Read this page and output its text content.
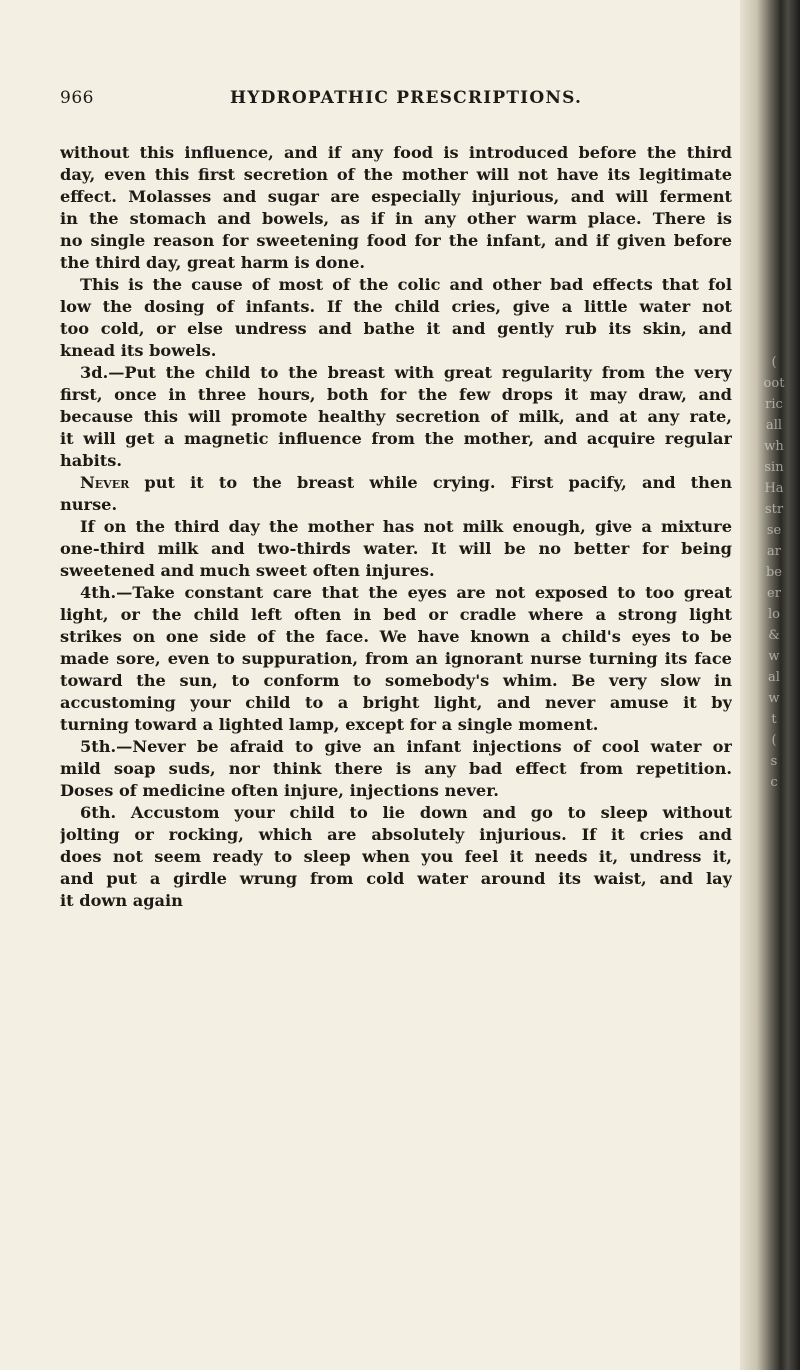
(
oot
ric
all
wh
sin
Ha
str
se
ar
be
er
lo
&
w
al
w
t
(
s
c
966	HYDROPATHIC PRESCRIPTIONS.
without this influence, and if any food is introduced before the third
day, even this first secretion of the mother will not have its legitimate
effect. Molasses and sugar are especially injurious, and will ferment
in the stomach and bowels, as if in any other warm place. There is
no single reason for sweetening food for the infant, and if given before
the third day, great harm is done.
This is the cause of most of the colic and other bad effects that fol
low the dosing of infants. If the child cries, give a little water not
too cold, or else undress and bathe it and gently rub its skin, and
knead its bowels.
3d.—Put the child to the breast with great regularity from the very
first, once in three hours, both for the few drops it may draw, and
because this will promote healthy secretion of milk, and at any rate,
it will get a magnetic influence from the mother, and acquire regular
habits.
Never put it to the breast while crying. First pacify, and then
nurse.
If on the third day the mother has not milk enough, give a mixture
one-third milk and two-thirds water. It will be no better for being
sweetened and much sweet often injures.
4th.—Take constant care that the eyes are not exposed to too great
light, or the child left often in bed or cradle where a strong light
strikes on one side of the face. We have known a child's eyes to be
made sore, even to suppuration, from an ignorant nurse turning its face
toward the sun, to conform to somebody's whim. Be very slow in
accustoming your child to a bright light, and never amuse it by
turning toward a lighted lamp, except for a single moment.
5th.—Never be afraid to give an infant injections of cool water or
mild soap suds, nor think there is any bad effect from repetition.
Doses of medicine often injure, injections never.
6th. Accustom your child to lie down and go to sleep without
jolting or rocking, which are absolutely injurious. If it cries and
does not seem ready to sleep when you feel it needs it, undress it,
and put a girdle wrung from cold water around its waist, and lay
it down again
